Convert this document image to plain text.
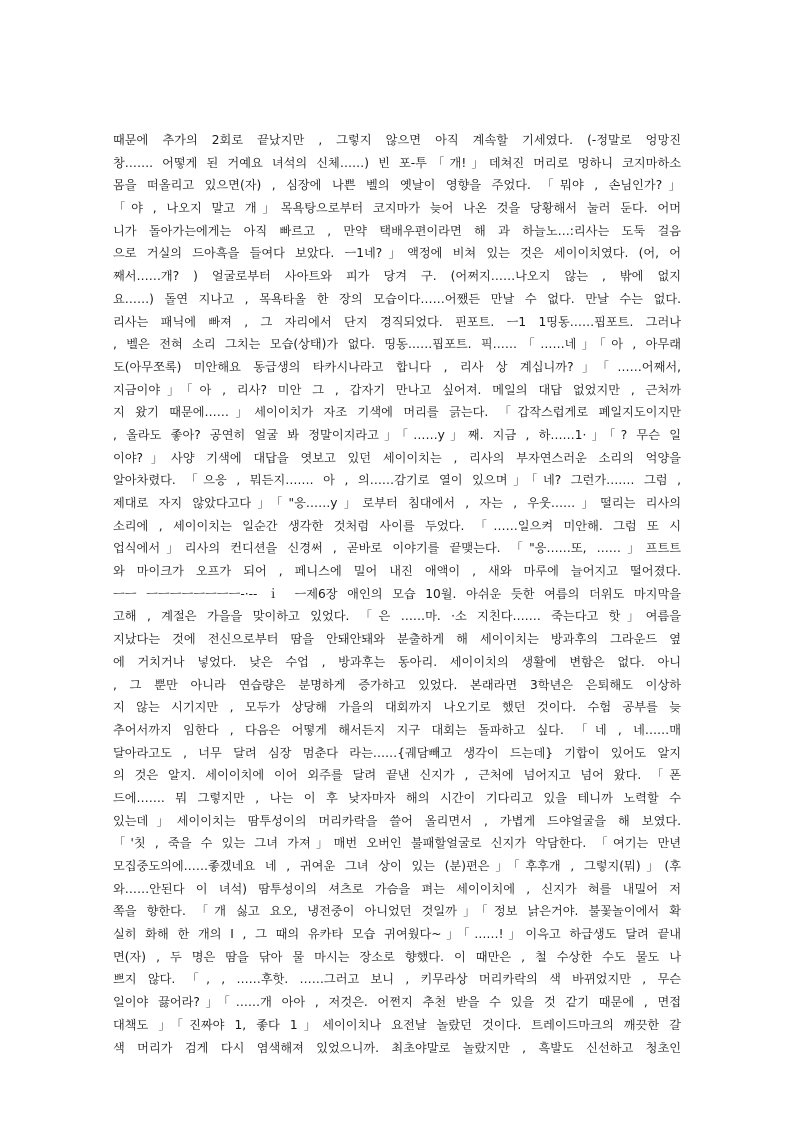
때문에 추가의 2회로 끝났지만 , 그렇지 않으면 아직 계속할 기세였다. (-정말로 엉망진
창……. 어떻게 된 거예요 녀석의 신체……) 빈 포-투「개!」데쳐진 머리로 멍하니 코지마하소
몸을 떠올리고 있으면(자) , 심장에 나쁜 벨의 옛날이 영향을 주었다. 「뭐야 , 손님인가?」
「야 , 나오지 말고 개」목욕탕으로부터 코지마가 늦어 나온 것을 당황해서 눌러 둔다. 어머
니가 돌아가는에게는 아직 빠르고 , 만약 택배우편이라면 해 과 하늘노…:리사는 도둑 걸음
으로 거실의 드아흑을 들여다 보았다. ㅡ1네?」액정에 비쳐 있는 것은 세이이치였다. (어, 어
째서……개? ) 얼굴로부터 사아트와 피가 당겨 구. (어쩌지……나오지 않는 , 밖에 없지
요……) 돌연 지나고 , 목욕타올 한 장의 모습이다……어쨌든 만날 수 없다. 만날 수는 없다.
리사는 패닉에 빠져 , 그 자리에서 단지 경직되었다. 핀포트. ㅡ1 1띵동……핍포트. 그러나
, 벨은 전혀 소리 그치는 모습(상태)가 없다. 띵동……핍포트. 픽……「……네」「아 , 아무래
도(아무쪼록) 미안해요 동급생의 타카시나라고 합니다 , 리사 상 계십니까?」「……어째서,
지금이야」「아 , 리사? 미안 그 , 갑자기 만나고 싶어져. 메일의 대답 없었지만 , 근처까
지 왔기 때문에……」세이이치가 자조 기색에 머리를 긁는다. 「갑작스럽게로 폐일지도이지만
, 올라도 좋아? 공연히 얼굴 봐 정말이지라고」「……y」째. 지금 , 하……1·」「? 무슨 일
이야?」사양 기색에 대답을 엿보고 있던 세이이치는 , 리사의 부자연스러운 소리의 억양을
알아차렸다. 「으응 , 뭐든지……. 아 , 의……감기로 열이 있으며」「네? 그런가……. 그럼 ,
제대로 자지 않았다고다」「"응……y」로부터 침대에서 , 자는 , 우웃……」떨리는 리사의
소리에 , 세이이치는 일순간 생각한 것처럼 사이를 두었다. 「……일으켜 미안해. 그럼 또 시
업식에서」리사의 컨디션을 신경써 , 곧바로 이야기를 끝맺는다. 「"응……또, ……」프트트
와 마이크가 오프가 되어 , 페니스에 밀어 내진 애액이 , 새와 마루에 늘어지고 떨어졌다.
ㅡㅡ ㅡㅡㅡㅡㅡㅡㅡㅡ-·-- ｉ ㅡ제6장 애인의 모습 10월. 아쉬운 듯한 여름의 더위도 마지막을
고해 , 계절은 가을을 맞이하고 있었다. 「은 ……마. ·소 지친다……. 죽는다고 핫」여름을
지났다는 것에 전신으로부터 땀을 안돼안돼와 분출하게 해 세이이치는 방과후의 그라운드 옆
에 거치거나 넣었다. 낮은 수업 , 방과후는 동아리. 세이이치의 생활에 변함은 없다. 아니
, 그 뿐만 아니라 연습량은 분명하게 증가하고 있었다. 본래라면 3학년은 은퇴해도 이상하
지 않는 시기지만 , 모두가 상당해 가을의 대회까지 나오기로 했던 것이다. 수험 공부를 늦
추어서까지 임한다 , 다음은 어떻게 해서든지 지구 대회는 돌파하고 싶다. 「네 , 네……매
달아라고도 , 너무 달려 심장 멈춘다 라는……{궤담빼고 생각이 드는데} 기합이 있어도 알지
의 것은 알지. 세이이치에 이어 외주를 달려 끝낸 신지가 , 근처에 넘어지고 넘어 왔다. 「폰
드에……. 뭐 그렇지만 , 나는 이 후 낮자마자 해의 시간이 기다리고 있을 테니까 노력할 수
있는데」세이이치는 땀투성이의 머리카락을 쓸어 올리면서 , 가볍게 드야얼굴을 해 보였다.
「'칫 , 죽을 수 있는 그녀 가져」매번 오버인 불패할얼굴로 신지가 악담한다. 「여기는 만년
모집중도의에……좋겠네요 네 , 귀여운 그녀 상이 있는 (분)편은」「후후개 , 그렇지(뭐)」(후
와……안된다 이 녀석) 땀투성이의 셔츠로 가슴을 펴는 세이이치에 , 신지가 혀를 내밀어 저
쪽을 향한다. 「개 싫고 요오, 냉전중이 아니었던 것일까」「정보 낡은거야. 불꽃놀이에서 확
실히 화해 한 개의 I , 그 때의 유카타 모습 귀여웠다~」「……!」이윽고 하급생도 달려 끝내
면(자) , 두 명은 땀을 닦아 물 마시는 장소로 향했다. 이 때만은 , 철 수상한 수도 물도 나
쁘지 않다. 「, , ……후핫. ……그러고 보니 , 키무라상 머리카락의 색 바뀌었지만 , 무슨
일이야 끓어라?」「……개 아아 , 저것은. 어쩐지 추천 받을 수 있을 것 같기 때문에 , 면접
대책도 」「진짜야 1, 좋다 1」세이이치나 요전날 놀랐던 것이다. 트레이드마크의 깨끗한 갈
색 머리가 검게 다시 염색해져 있었으니까. 최초야말로 놀랐지만 , 흑발도 신선하고 청초인
